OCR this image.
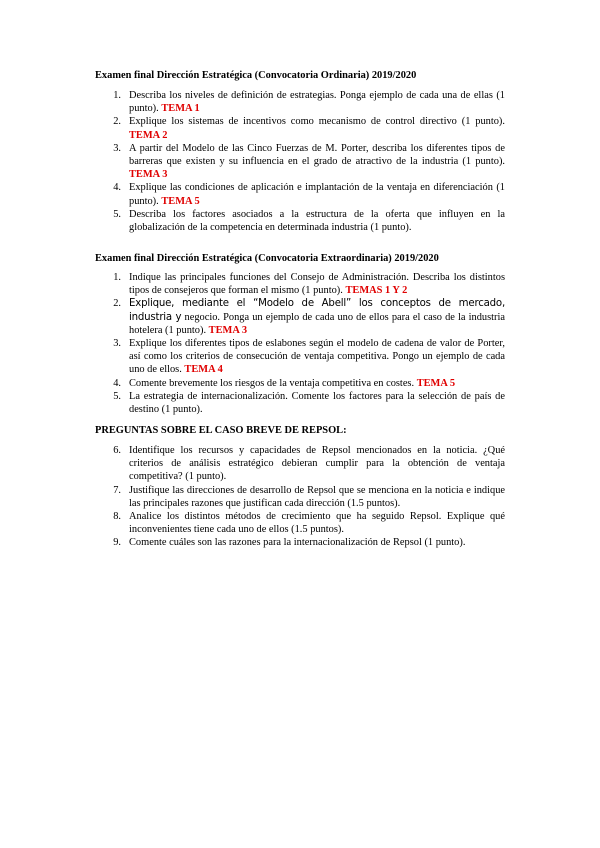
Examen final Dirección Estratégica (Convocatoria Ordinaria) 2019/2020

1. Describa los niveles de definición de estrategias. Ponga ejemplo de cada una de ellas (1 punto). TEMA 1
2. Explique los sistemas de incentivos como mecanismo de control directivo (1 punto). TEMA 2
3. A partir del Modelo de las Cinco Fuerzas de M. Porter, describa los diferentes tipos de barreras que existen y su influencia en el grado de atractivo de la industria (1 punto). TEMA 3
4. Explique las condiciones de aplicación e implantación de la ventaja en diferenciación (1 punto). TEMA 5
5. Describa los factores asociados a la estructura de la oferta que influyen en la globalización de la competencia en determinada industria (1 punto).

Examen final Dirección Estratégica (Convocatoria Extraordinaria) 2019/2020

1. Indique las principales funciones del Consejo de Administración. Describa los distintos tipos de consejeros que forman el mismo (1 punto). TEMAS 1 Y 2
2. Explique, mediante el “Modelo de Abell” los conceptos de mercado, industria y negocio. Ponga un ejemplo de cada uno de ellos para el caso de la industria hotelera (1 punto). TEMA 3
3. Explique los diferentes tipos de eslabones según el modelo de cadena de valor de Porter, así como los criterios de consecución de ventaja competitiva. Pongo un ejemplo de cada uno de ellos. TEMA 4
4. Comente brevemente los riesgos de la ventaja competitiva en costes. TEMA 5
5. La estrategia de internacionalización. Comente los factores para la selección de país de destino (1 punto).

PREGUNTAS SOBRE EL CASO BREVE DE REPSOL:

6. Identifique los recursos y capacidades de Repsol mencionados en la noticia. ¿Qué criterios de análisis estratégico debieran cumplir para la obtención de ventaja competitiva? (1 punto).
7. Justifique las direcciones de desarrollo de Repsol que se menciona en la noticia e indique las principales razones que justifican cada dirección (1.5 puntos).
8. Analice los distintos métodos de crecimiento que ha seguido Repsol. Explique qué inconvenientes tiene cada uno de ellos (1.5 puntos).
9. Comente cuáles son las razones para la internacionalización de Repsol (1 punto).
